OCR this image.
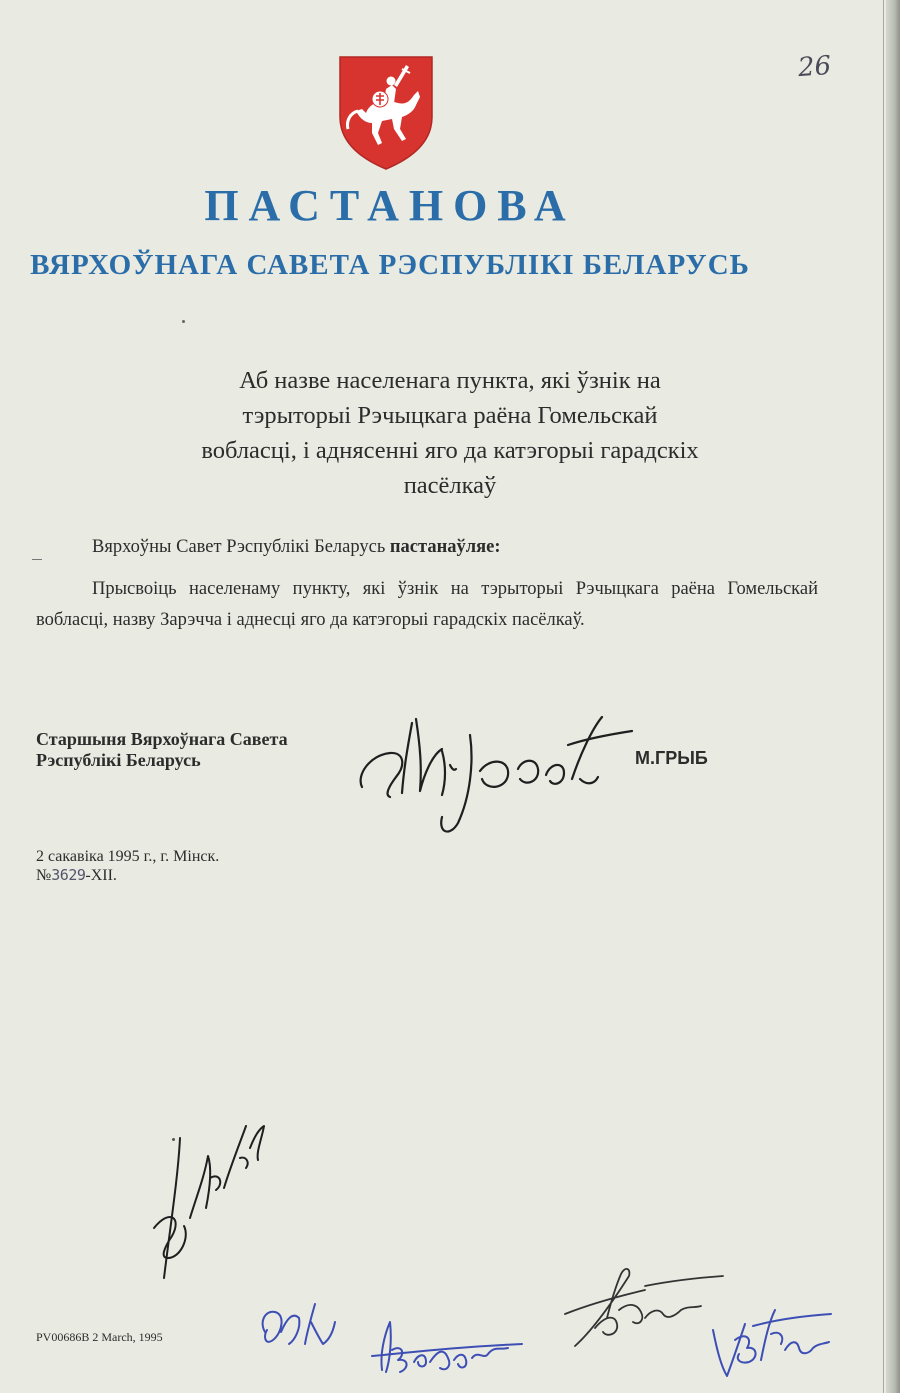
26
ПАСТАНОВА
ВЯРХОЎНАГА САВЕТА РЭСПУБЛІКІ БЕЛАРУСЬ
Аб назве населенага пункта, які ўзнік на
тэрыторыі Рэчыцкага раёна Гомельскай
вобласці, і аднясенні яго да катэгорыі гарадскіх
пасёлкаў
Вярхоўны Савет Рэспублікі Беларусь пастанаўляе:
Прысвоіць населенаму пункту, які ўзнік на тэрыторыі Рэчыцкага раёна Гомельскай вобласці, назву Зарэчча і аднесці яго да катэгорыі гарадскіх пасёлкаў.
Старшыня Вярхоўнага Савета
Рэспублікі Беларусь	М.ГРЫБ
2 сакавіка 1995 г., г. Мінск.
№3629-XII.
PV00686B 2 March, 1995
